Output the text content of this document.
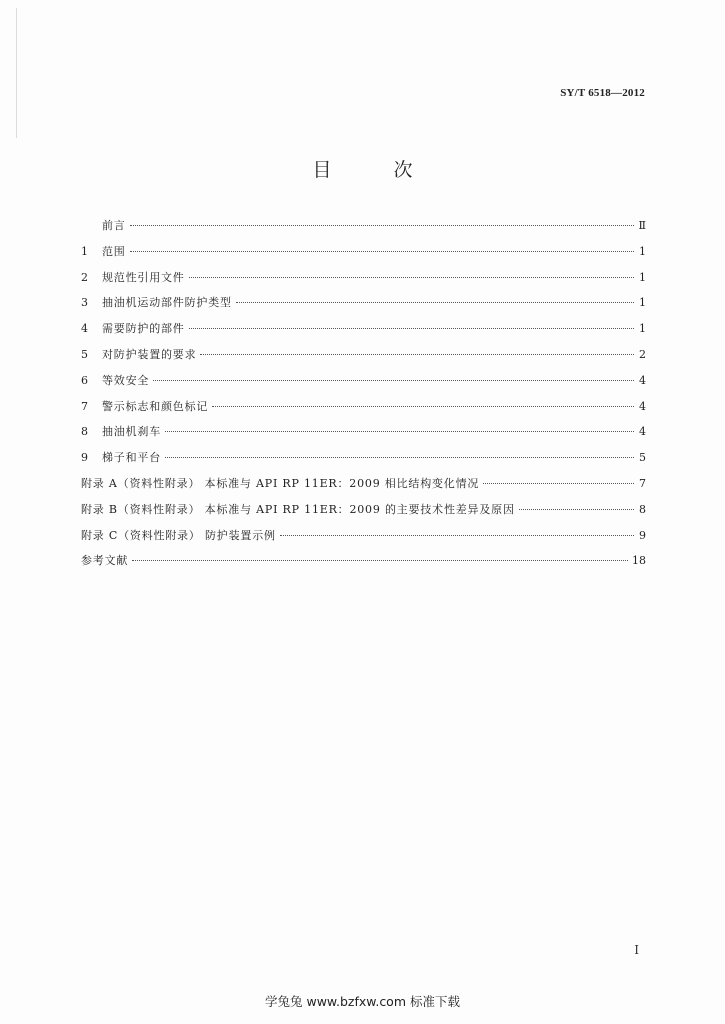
SY/T 6518—2012
目 次
前言	Ⅱ
1	范围	1
2	规范性引用文件	1
3	抽油机运动部件防护类型	1
4	需要防护的部件	1
5	对防护装置的要求	2
6	等效安全	4
7	警示标志和颜色标记	4
8	抽油机刹车	4
9	梯子和平台	5
附录 A（资料性附录） 本标准与 API RP 11ER：2009 相比结构变化情况	7
附录 B（资料性附录） 本标准与 API RP 11ER：2009 的主要技术性差异及原因	8
附录 C（资料性附录） 防护装置示例	9
参考文献	18
Ⅰ
学兔兔 www.bzfxw.com 标准下载
